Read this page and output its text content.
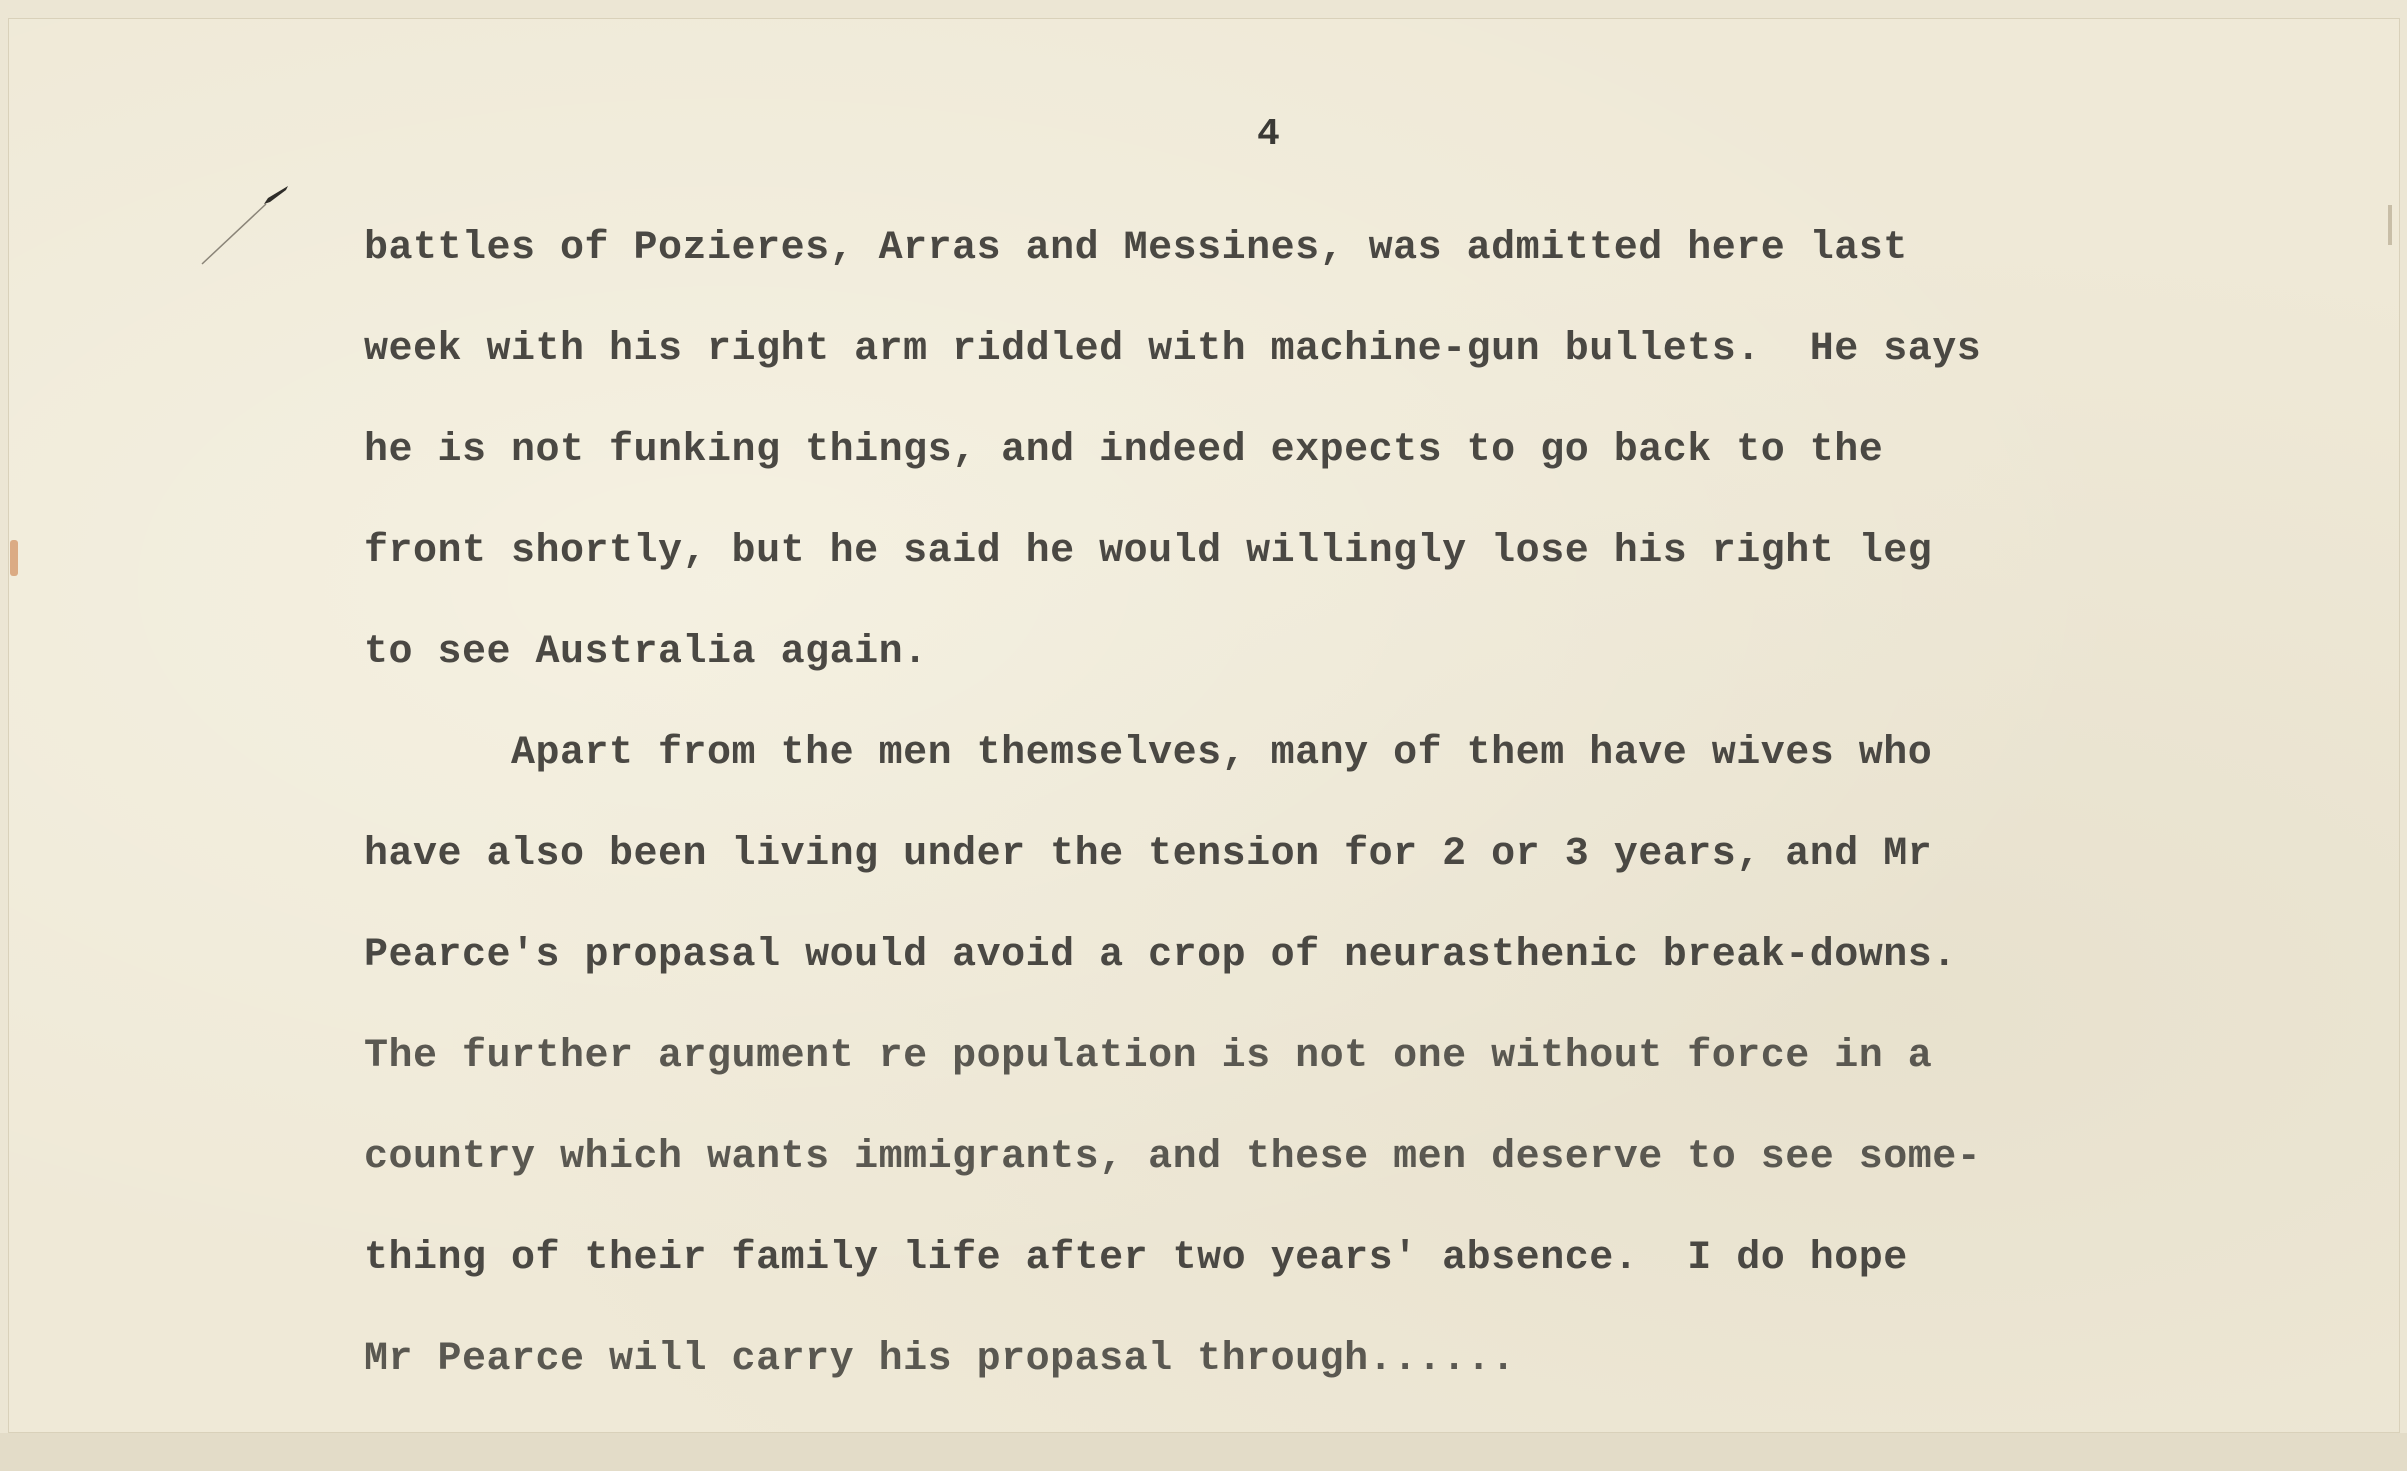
4
battles of Pozieres, Arras and Messines, was admitted here last
week with his right arm riddled with machine-gun bullets.  He says
he is not funking things, and indeed expects to go back to the
front shortly, but he said he would willingly lose his right leg
to see Australia again.
Apart from the men themselves, many of them have wives who
have also been living under the tension for 2 or 3 years, and Mr
Pearce's propasal would avoid a crop of neurasthenic break-downs.
The further argument re population is not one without force in a
country which wants immigrants, and these men deserve to see some-
thing of their family life after two years' absence.  I do hope
Mr Pearce will carry his propasal through......
